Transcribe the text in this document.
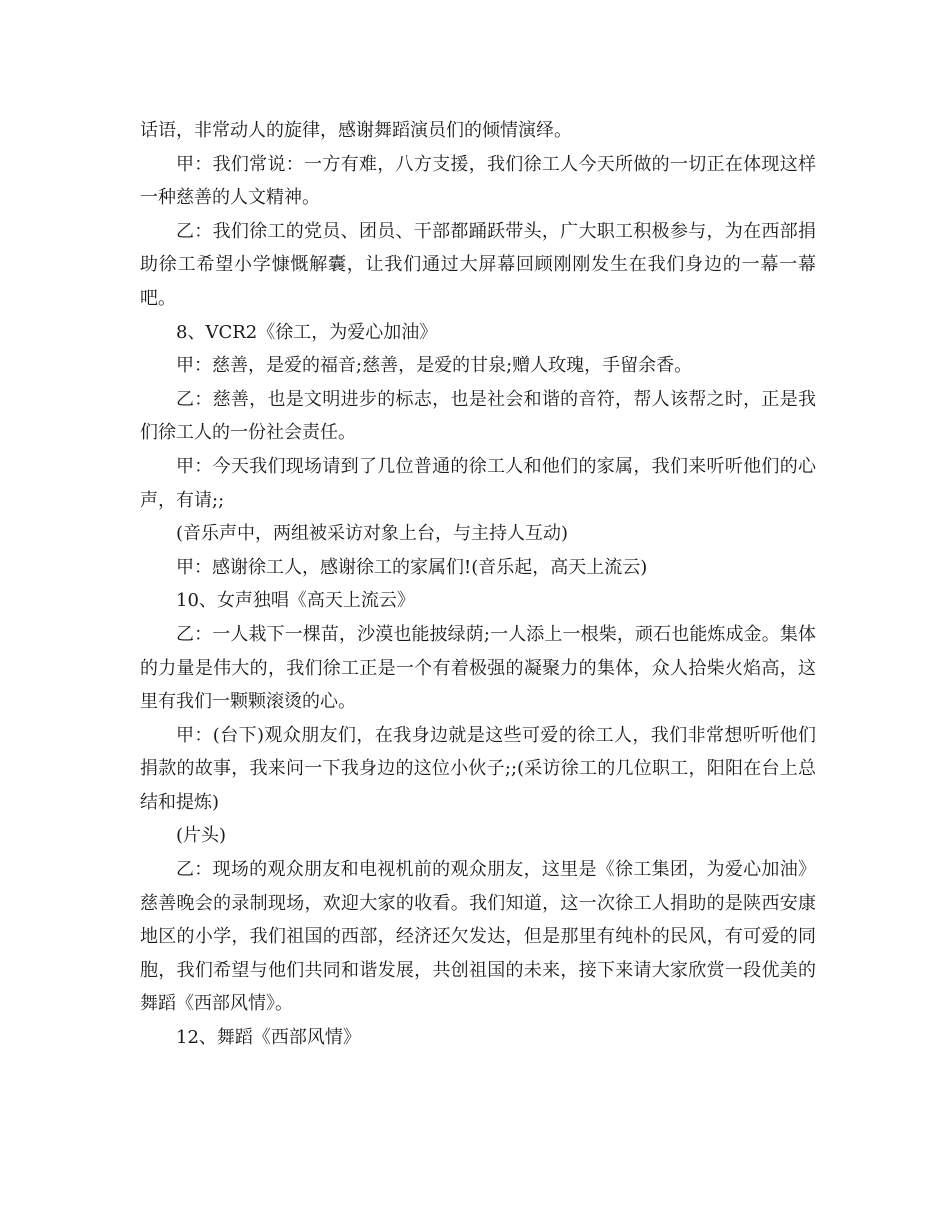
话语，非常动人的旋律，感谢舞蹈演员们的倾情演绎。

甲：我们常说：一方有难，八方支援，我们徐工人今天所做的一切正在体现这样一种慈善的人文精神。

乙：我们徐工的党员、团员、干部都踊跃带头，广大职工积极参与，为在西部捐助徐工希望小学慷慨解囊，让我们通过大屏幕回顾刚刚发生在我们身边的一幕一幕吧。

8、VCR2《徐工，为爱心加油》

甲：慈善，是爱的福音;慈善，是爱的甘泉;赠人玫瑰，手留余香。

乙：慈善，也是文明进步的标志，也是社会和谐的音符，帮人该帮之时，正是我们徐工人的一份社会责任。

甲：今天我们现场请到了几位普通的徐工人和他们的家属，我们来听听他们的心声，有请;;

(音乐声中，两组被采访对象上台，与主持人互动)

甲：感谢徐工人，感谢徐工的家属们!(音乐起，高天上流云)

10、女声独唱《高天上流云》

乙：一人栽下一棵苗，沙漠也能披绿荫;一人添上一根柴，顽石也能炼成金。集体的力量是伟大的，我们徐工正是一个有着极强的凝聚力的集体，众人拾柴火焰高，这里有我们一颗颗滚烫的心。

甲：(台下)观众朋友们，在我身边就是这些可爱的徐工人，我们非常想听听他们捐款的故事，我来问一下我身边的这位小伙子;;(采访徐工的几位职工，阳阳在台上总结和提炼)

(片头)

乙：现场的观众朋友和电视机前的观众朋友，这里是《徐工集团，为爱心加油》慈善晚会的录制现场，欢迎大家的收看。我们知道，这一次徐工人捐助的是陕西安康地区的小学，我们祖国的西部，经济还欠发达，但是那里有纯朴的民风，有可爱的同胞，我们希望与他们共同和谐发展，共创祖国的未来，接下来请大家欣赏一段优美的舞蹈《西部风情》。

12、舞蹈《西部风情》
